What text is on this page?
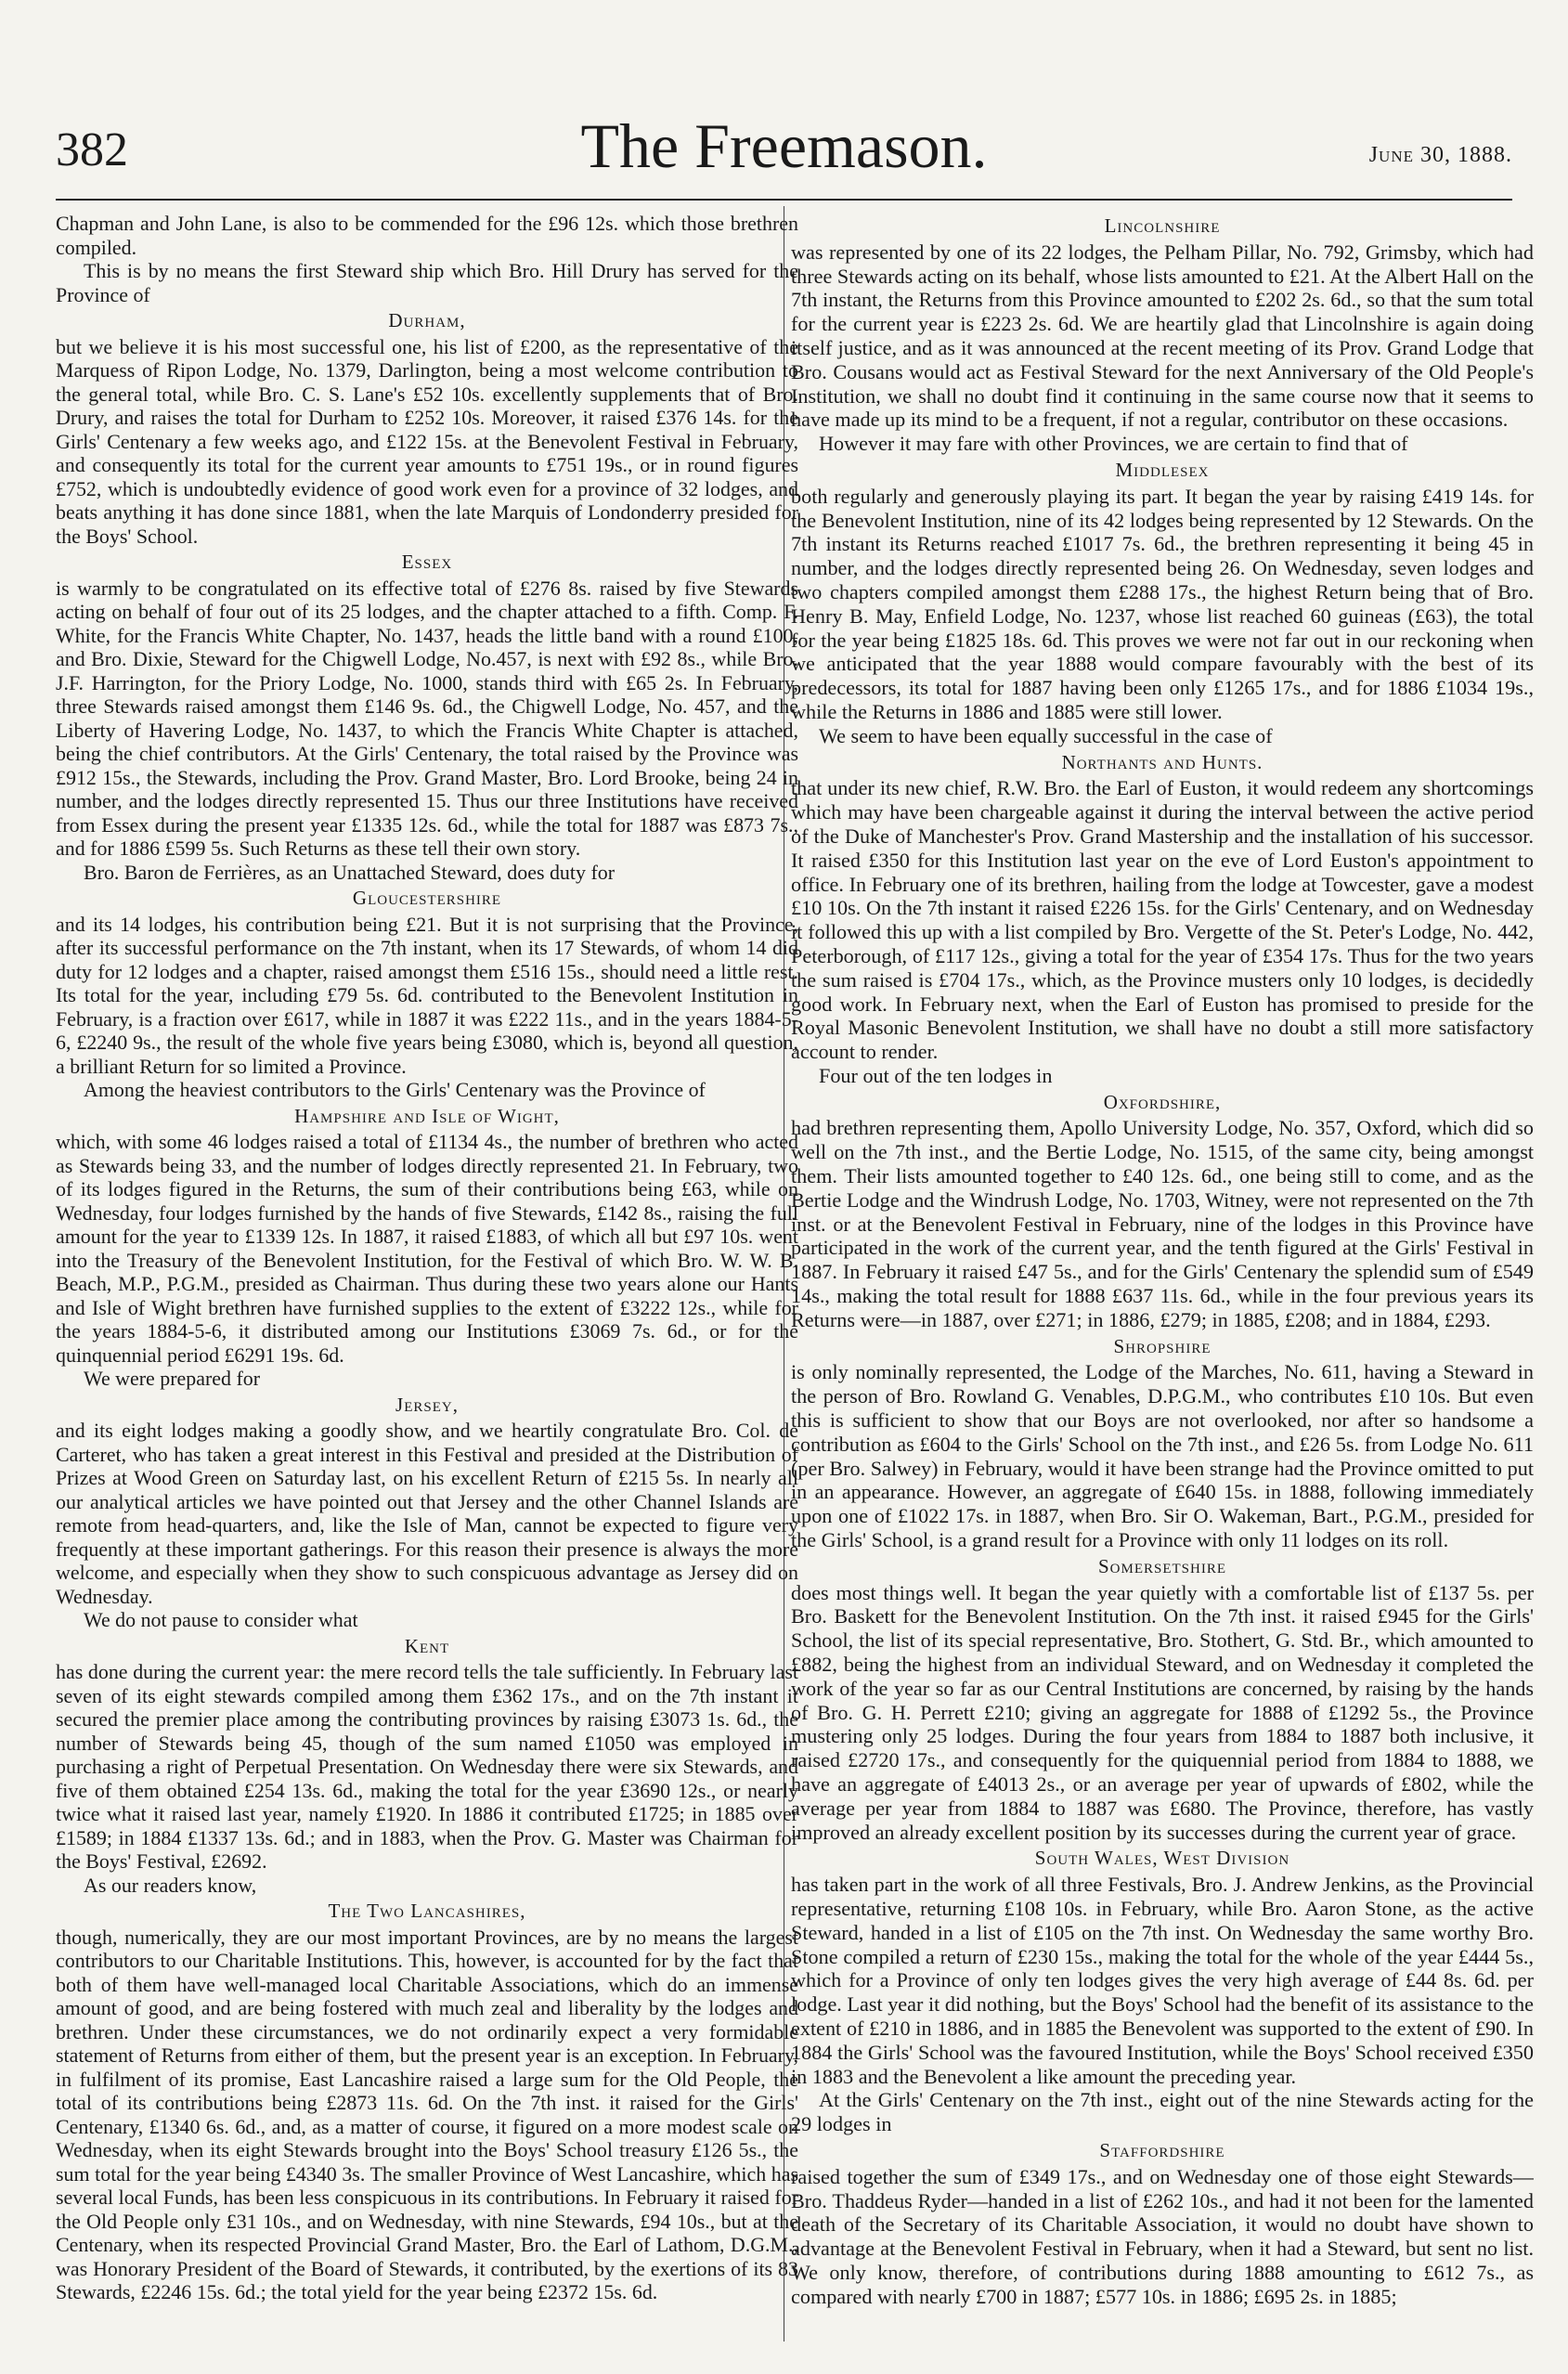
382	The Freemason.	June 30, 1888.

Chapman and John Lane, is also to be commended for the £96 12s. which those brethren compiled.

This is by no means the first Steward ship which Bro. Hill Drury has served for the Province of

Durham,

but we believe it is his most successful one, his list of £200, as the representative of the Marquess of Ripon Lodge, No. 1379, Darlington, being a most welcome contribution to the general total, while Bro. C. S. Lane's £52 10s. excellently supplements that of Bro. Drury, and raises the total for Durham to £252 10s. Moreover, it raised £376 14s. for the Girls' Centenary a few weeks ago, and £122 15s. at the Benevolent Festival in February, and consequently its total for the current year amounts to £751 19s., or in round figures £752, which is undoubtedly evidence of good work even for a province of 32 lodges, and beats anything it has done since 1881, when the late Marquis of Londonderry presided for the Boys' School.

Essex

is warmly to be congratulated on its effective total of £276 8s. raised by five Stewards acting on behalf of four out of its 25 lodges, and the chapter attached to a fifth. Comp. F. White, for the Francis White Chapter, No. 1437, heads the little band with a round £100, and Bro. Dixie, Steward for the Chigwell Lodge, No.457, is next with £92 8s., while Bro. J.F. Harrington, for the Priory Lodge, No. 1000, stands third with £65 2s. In February, three Stewards raised amongst them £146 9s. 6d., the Chigwell Lodge, No. 457, and the Liberty of Havering Lodge, No. 1437, to which the Francis White Chapter is attached, being the chief contributors. At the Girls' Centenary, the total raised by the Province was £912 15s., the Stewards, including the Prov. Grand Master, Bro. Lord Brooke, being 24 in number, and the lodges directly represented 15. Thus our three Institutions have received from Essex during the present year £1335 12s. 6d., while the total for 1887 was £873 7s., and for 1886 £599 5s. Such Returns as these tell their own story.

Bro. Baron de Ferrières, as an Unattached Steward, does duty for

Gloucestershire

and its 14 lodges, his contribution being £21. But it is not surprising that the Province, after its successful performance on the 7th instant, when its 17 Stewards, of whom 14 did duty for 12 lodges and a chapter, raised amongst them £516 15s., should need a little rest. Its total for the year, including £79 5s. 6d. contributed to the Benevolent Institution in February, is a fraction over £617, while in 1887 it was £222 11s., and in the years 1884-5-6, £2240 9s., the result of the whole five years being £3080, which is, beyond all question, a brilliant Return for so limited a Province.

Among the heaviest contributors to the Girls' Centenary was the Province of

Hampshire and Isle of Wight,

which, with some 46 lodges raised a total of £1134 4s., the number of brethren who acted as Stewards being 33, and the number of lodges directly represented 21. In February, two of its lodges figured in the Returns, the sum of their contributions being £63, while on Wednesday, four lodges furnished by the hands of five Stewards, £142 8s., raising the full amount for the year to £1339 12s. In 1887, it raised £1883, of which all but £97 10s. went into the Treasury of the Benevolent Institution, for the Festival of which Bro. W. W. B. Beach, M.P., P.G.M., presided as Chairman. Thus during these two years alone our Hants and Isle of Wight brethren have furnished supplies to the extent of £3222 12s., while for the years 1884-5-6, it distributed among our Institutions £3069 7s. 6d., or for the quinquennial period £6291 19s. 6d.

We were prepared for

Jersey,

and its eight lodges making a goodly show, and we heartily congratulate Bro. Col. de Carteret, who has taken a great interest in this Festival and presided at the Distribution of Prizes at Wood Green on Saturday last, on his excellent Return of £215 5s. In nearly all our analytical articles we have pointed out that Jersey and the other Channel Islands are remote from head-quarters, and, like the Isle of Man, cannot be expected to figure very frequently at these important gatherings. For this reason their presence is always the more welcome, and especially when they show to such conspicuous advantage as Jersey did on Wednesday.

We do not pause to consider what

Kent

has done during the current year: the mere record tells the tale sufficiently. In February last seven of its eight stewards compiled among them £362 17s., and on the 7th instant it secured the premier place among the contributing provinces by raising £3073 1s. 6d., the number of Stewards being 45, though of the sum named £1050 was employed in purchasing a right of Perpetual Presentation. On Wednesday there were six Stewards, and five of them obtained £254 13s. 6d., making the total for the year £3690 12s., or nearly twice what it raised last year, namely £1920. In 1886 it contributed £1725; in 1885 over £1589; in 1884 £1337 13s. 6d.; and in 1883, when the Prov. G. Master was Chairman for the Boys' Festival, £2692.

As our readers know,

The Two Lancashires,

though, numerically, they are our most important Provinces, are by no means the largest contributors to our Charitable Institutions. This, however, is accounted for by the fact that both of them have well-managed local Charitable Associations, which do an immense amount of good, and are being fostered with much zeal and liberality by the lodges and brethren. Under these circumstances, we do not ordinarily expect a very formidable statement of Returns from either of them, but the present year is an exception. In February, in fulfilment of its promise, East Lancashire raised a large sum for the Old People, the total of its contributions being £2873 11s. 6d. On the 7th inst. it raised for the Girls' Centenary, £1340 6s. 6d., and, as a matter of course, it figured on a more modest scale on Wednesday, when its eight Stewards brought into the Boys' School treasury £126 5s., the sum total for the year being £4340 3s. The smaller Province of West Lancashire, which has several local Funds, has been less conspicuous in its contributions. In February it raised for the Old People only £31 10s., and on Wednesday, with nine Stewards, £94 10s., but at the Centenary, when its respected Provincial Grand Master, Bro. the Earl of Lathom, D.G.M., was Honorary President of the Board of Stewards, it contributed, by the exertions of its 83 Stewards, £2246 15s. 6d.; the total yield for the year being £2372 15s. 6d.

Lincolnshire

was represented by one of its 22 lodges, the Pelham Pillar, No. 792, Grimsby, which had three Stewards acting on its behalf, whose lists amounted to £21. At the Albert Hall on the 7th instant, the Returns from this Province amounted to £202 2s. 6d., so that the sum total for the current year is £223 2s. 6d. We are heartily glad that Lincolnshire is again doing itself justice, and as it was announced at the recent meeting of its Prov. Grand Lodge that Bro. Cousans would act as Festival Steward for the next Anniversary of the Old People's Institution, we shall no doubt find it continuing in the same course now that it seems to have made up its mind to be a frequent, if not a regular, contributor on these occasions.

However it may fare with other Provinces, we are certain to find that of

Middlesex

both regularly and generously playing its part. It began the year by raising £419 14s. for the Benevolent Institution, nine of its 42 lodges being represented by 12 Stewards. On the 7th instant its Returns reached £1017 7s. 6d., the brethren representing it being 45 in number, and the lodges directly represented being 26. On Wednesday, seven lodges and two chapters compiled amongst them £288 17s., the highest Return being that of Bro. Henry B. May, Enfield Lodge, No. 1237, whose list reached 60 guineas (£63), the total for the year being £1825 18s. 6d. This proves we were not far out in our reckoning when we anticipated that the year 1888 would compare favourably with the best of its predecessors, its total for 1887 having been only £1265 17s., and for 1886 £1034 19s., while the Returns in 1886 and 1885 were still lower.

We seem to have been equally successful in the case of

Northants and Hunts.

that under its new chief, R.W. Bro. the Earl of Euston, it would redeem any shortcomings which may have been chargeable against it during the interval between the active period of the Duke of Manchester's Prov. Grand Mastership and the installation of his successor. It raised £350 for this Institution last year on the eve of Lord Euston's appointment to office. In February one of its brethren, hailing from the lodge at Towcester, gave a modest £10 10s. On the 7th instant it raised £226 15s. for the Girls' Centenary, and on Wednesday it followed this up with a list compiled by Bro. Vergette of the St. Peter's Lodge, No. 442, Peterborough, of £117 12s., giving a total for the year of £354 17s. Thus for the two years the sum raised is £704 17s., which, as the Province musters only 10 lodges, is decidedly good work. In February next, when the Earl of Euston has promised to preside for the Royal Masonic Benevolent Institution, we shall have no doubt a still more satisfactory account to render.

Four out of the ten lodges in

Oxfordshire,

had brethren representing them, Apollo University Lodge, No. 357, Oxford, which did so well on the 7th inst., and the Bertie Lodge, No. 1515, of the same city, being amongst them. Their lists amounted together to £40 12s. 6d., one being still to come, and as the Bertie Lodge and the Windrush Lodge, No. 1703, Witney, were not represented on the 7th inst. or at the Benevolent Festival in February, nine of the lodges in this Province have participated in the work of the current year, and the tenth figured at the Girls' Festival in 1887. In February it raised £47 5s., and for the Girls' Centenary the splendid sum of £549 14s., making the total result for 1888 £637 11s. 6d., while in the four previous years its Returns were—in 1887, over £271; in 1886, £279; in 1885, £208; and in 1884, £293.

Shropshire

is only nominally represented, the Lodge of the Marches, No. 611, having a Steward in the person of Bro. Rowland G. Venables, D.P.G.M., who contributes £10 10s. But even this is sufficient to show that our Boys are not overlooked, nor after so handsome a contribution as £604 to the Girls' School on the 7th inst., and £26 5s. from Lodge No. 611 (per Bro. Salwey) in February, would it have been strange had the Province omitted to put in an appearance. However, an aggregate of £640 15s. in 1888, following immediately upon one of £1022 17s. in 1887, when Bro. Sir O. Wakeman, Bart., P.G.M., presided for the Girls' School, is a grand result for a Province with only 11 lodges on its roll.

Somersetshire

does most things well. It began the year quietly with a comfortable list of £137 5s. per Bro. Baskett for the Benevolent Institution. On the 7th inst. it raised £945 for the Girls' School, the list of its special representative, Bro. Stothert, G. Std. Br., which amounted to £882, being the highest from an individual Steward, and on Wednesday it completed the work of the year so far as our Central Institutions are concerned, by raising by the hands of Bro. G. H. Perrett £210; giving an aggregate for 1888 of £1292 5s., the Province mustering only 25 lodges. During the four years from 1884 to 1887 both inclusive, it raised £2720 17s., and consequently for the quiquennial period from 1884 to 1888, we have an aggregate of £4013 2s., or an average per year of upwards of £802, while the average per year from 1884 to 1887 was £680. The Province, therefore, has vastly improved an already excellent position by its successes during the current year of grace.

South Wales, West Division

has taken part in the work of all three Festivals, Bro. J. Andrew Jenkins, as the Provincial representative, returning £108 10s. in February, while Bro. Aaron Stone, as the active Steward, handed in a list of £105 on the 7th inst. On Wednesday the same worthy Bro. Stone compiled a return of £230 15s., making the total for the whole of the year £444 5s., which for a Province of only ten lodges gives the very high average of £44 8s. 6d. per lodge. Last year it did nothing, but the Boys' School had the benefit of its assistance to the extent of £210 in 1886, and in 1885 the Benevolent was supported to the extent of £90. In 1884 the Girls' School was the favoured Institution, while the Boys' School received £350 in 1883 and the Benevolent a like amount the preceding year.

At the Girls' Centenary on the 7th inst., eight out of the nine Stewards acting for the 29 lodges in

Staffordshire

raised together the sum of £349 17s., and on Wednesday one of those eight Stewards—Bro. Thaddeus Ryder—handed in a list of £262 10s., and had it not been for the lamented death of the Secretary of its Charitable Association, it would no doubt have shown to advantage at the Benevolent Festival in February, when it had a Steward, but sent no list. We only know, therefore, of contributions during 1888 amounting to £612 7s., as compared with nearly £700 in 1887; £577 10s. in 1886; £695 2s. in 1885;
